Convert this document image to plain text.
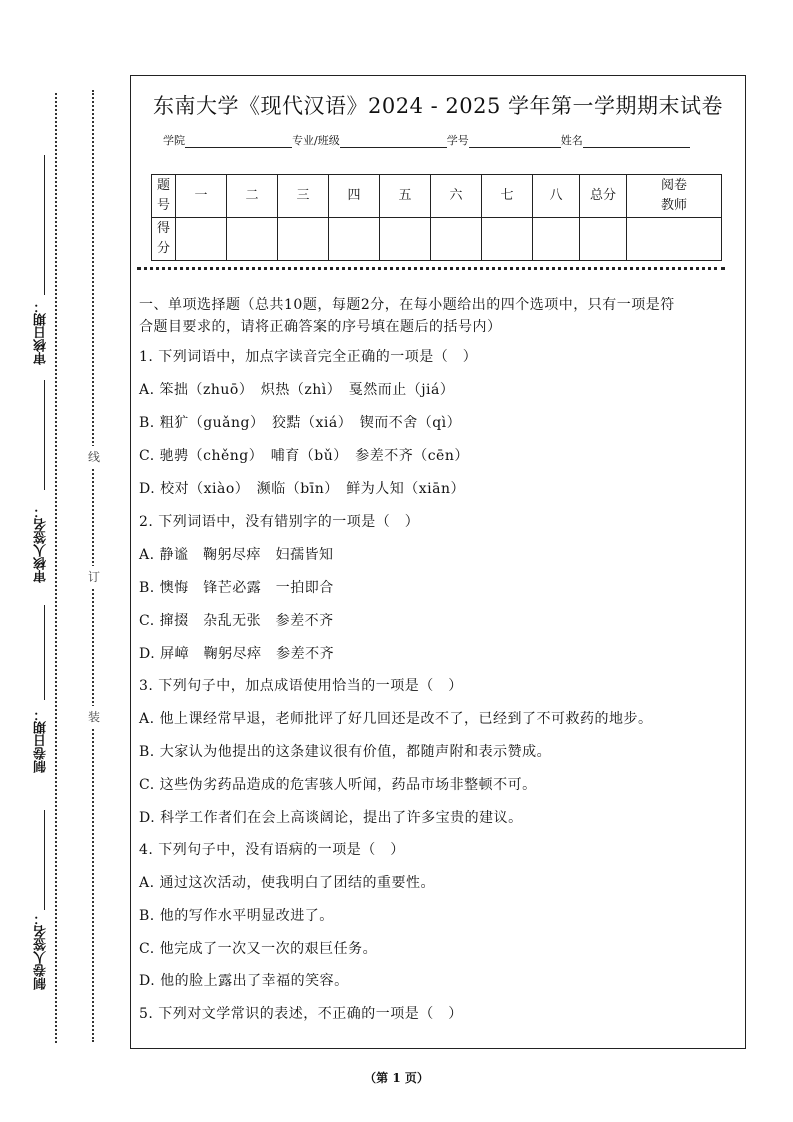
审核日期：
审核人签名：
制卷日期：
制卷人签名：
线
订
装
东南大学《现代汉语》2024 - 2025 学年第一学期期末试卷
学院	专业/班级	学号	姓名
题号	一	二	三	四	五	六	七	八	总分	阅卷教师
得分										
一、单项选择题（总共10题，每题2分，在每小题给出的四个选项中，只有一项是符
合题目要求的，请将正确答案的序号填在题后的括号内）
1. 下列词语中，加点字读音完全正确的一项是（　）
A. 笨拙（zhuō）　炽热（zhì）　戛然而止（jiá）
B. 粗犷（guǎng）　狡黠（xiá）　锲而不舍（qì）
C. 驰骋（chěng）　哺育（bǔ）　参差不齐（cēn）
D. 校对（xiào）　濒临（bīn）　鲜为人知（xiān）
2. 下列词语中，没有错别字的一项是（　）
A. 静谧　鞠躬尽瘁　妇孺皆知
B. 懊悔　锋芒必露　一拍即合
C. 撺掇　杂乱无张　参差不齐
D. 屏嶂　鞠躬尽瘁　参差不齐
3. 下列句子中，加点成语使用恰当的一项是（　）
A. 他上课经常早退，老师批评了好几回还是改不了，已经到了不可救药的地步。
B. 大家认为他提出的这条建议很有价值，都随声附和表示赞成。
C. 这些伪劣药品造成的危害骇人听闻，药品市场非整顿不可。
D. 科学工作者们在会上高谈阔论，提出了许多宝贵的建议。
4. 下列句子中，没有语病的一项是（　）
A. 通过这次活动，使我明白了团结的重要性。
B. 他的写作水平明显改进了。
C. 他完成了一次又一次的艰巨任务。
D. 他的脸上露出了幸福的笑容。
5. 下列对文学常识的表述，不正确的一项是（　）
（第 1 页）
